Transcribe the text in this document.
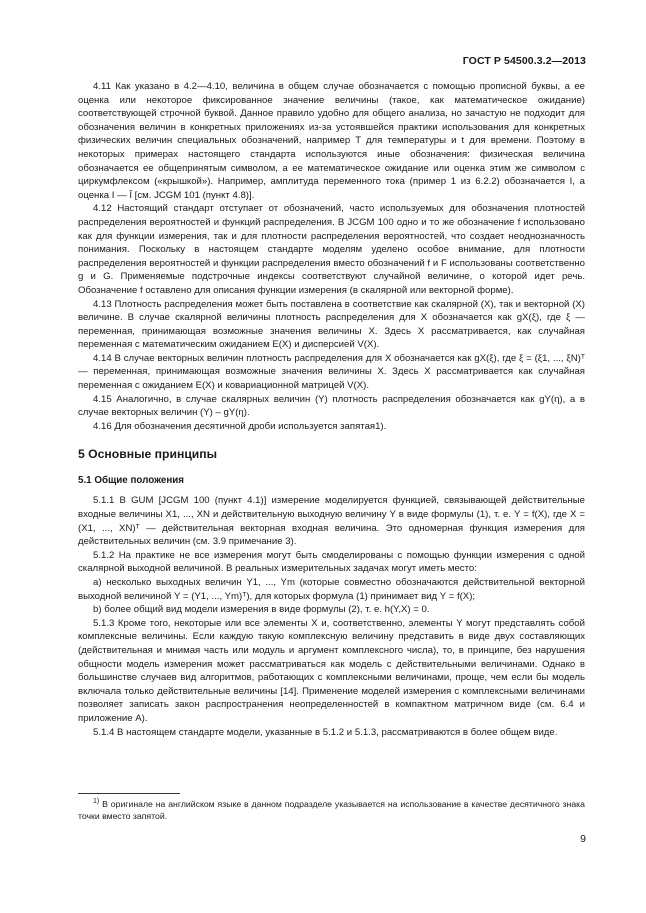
ГОСТ Р 54500.3.2—2013

4.11 Как указано в 4.2—4.10, величина в общем случае обозначается с помощью прописной буквы, а ее оценка или некоторое фиксированное значение величины (такое, как математическое ожидание) соответствующей строчной буквой. Данное правило удобно для общего анализа, но зачастую не подходит для обозначения величин в конкретных приложениях из-за устоявшейся практики использования для конкретных физических величин специальных обозначений, например T для температуры и t для времени. Поэтому в некоторых примерах настоящего стандарта используются иные обозначения: физическая величина обозначается ее общепринятым символом, а ее математическое ожидание или оценка этим же символом с циркумфлексом («крышкой»). Например, амплитуда переменного тока (пример 1 из 6.2.2) обозначается I, а оценка I — Î [см. JCGM 101 (пункт 4.8)].

4.12 Настоящий стандарт отступает от обозначений, часто используемых для обозначения плотностей распределения вероятностей и функций распределения. В JCGM 100 одно и то же обозначение f использовано как для функции измерения, так и для плотности распределения вероятностей, что создает неоднозначность понимания. Поскольку в настоящем стандарте моделям уделено особое внимание, для плотности распределения вероятностей и функции распределения вместо обозначений f и F использованы соответственно g и G. Применяемые подстрочные индексы соответствуют случайной величине, о которой идет речь. Обозначение f оставлено для описания функции измерения (в скалярной или векторной форме).

4.13 Плотность распределения может быть поставлена в соответствие как скалярной (X), так и векторной (X) величине. В случае скалярной величины плотность распределения для X обозначается как gX(ξ), где ξ — переменная, принимающая возможные значения величины X. Здесь X рассматривается, как случайная переменная с математическим ожиданием E(X) и дисперсией V(X).

4.14 В случае векторных величин плотность распределения для X обозначается как gX(ξ), где ξ = (ξ1, ..., ξN)ᵀ — переменная, принимающая возможные значения величины X. Здесь X рассматривается как случайная переменная с ожиданием E(X) и ковариационной матрицей V(X).

4.15 Аналогично, в случае скалярных величин (Y) плотность распределения обозначается как gY(η), а в случае векторных величин (Y) – gY(η).

4.16 Для обозначения десятичной дроби используется запятая1).

5 Основные принципы
5.1 Общие положения

5.1.1 В GUM [JCGM 100 (пункт 4.1)] измерение моделируется функцией, связывающей действительные входные величины X1, ..., XN и действительную выходную величину Y в виде формулы (1), т. е. Y = f(X), где X = (X1, ..., XN)ᵀ — действительная векторная входная величина. Это одномерная функция измерения для действительных величин (см. 3.9 примечание 3).

5.1.2 На практике не все измерения могут быть смоделированы с помощью функции измерения с одной скалярной выходной величиной. В реальных измерительных задачах могут иметь место:

а) несколько выходных величин Y1, ..., Ym (которые совместно обозначаются действительной векторной выходной величиной Y = (Y1, ..., Ym)ᵀ), для которых формула (1) принимает вид Y = f(X);

b) более общий вид модели измерения в виде формулы (2), т. е. h(Y,X) = 0.

5.1.3 Кроме того, некоторые или все элементы X и, соответственно, элементы Y могут представлять собой комплексные величины. Если каждую такую комплексную величину представить в виде двух составляющих (действительная и мнимая часть или модуль и аргумент комплексного числа), то, в принципе, без нарушения общности модель измерения может рассматриваться как модель с действительными величинами. Однако в большинстве случаев вид алгоритмов, работающих с комплексными величинами, проще, чем если бы модель включала только действительные величины [14]. Применение моделей измерения с комплексными величинами позволяет записать закон распространения неопределенностей в компактном матричном виде (см. 6.4 и приложение А).

5.1.4 В настоящем стандарте модели, указанные в 5.1.2 и 5.1.3, рассматриваются в более общем виде.

$^{1)}$ В оригинале на английском языке в данном подразделе указывается на использование в качестве десятичного знака точки вместо запятой.
9
